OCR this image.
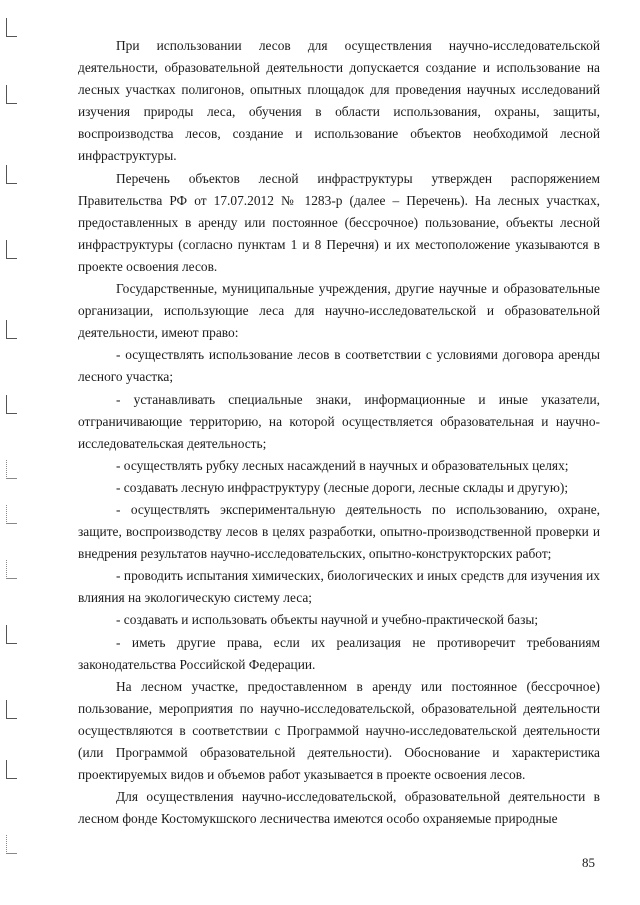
При использовании лесов для осуществления научно-исследовательской деятельности, образовательной деятельности допускается создание и использование на лесных участках полигонов, опытных площадок для проведения научных исследований изучения природы леса, обучения в области использования, охраны, защиты, воспроизводства лесов, создание и использование объектов необходимой лесной инфраструктуры.

Перечень объектов лесной инфраструктуры утвержден распоряжением Правительства РФ от 17.07.2012 № 1283-р (далее – Перечень). На лесных участках, предоставленных в аренду или постоянное (бессрочное) пользование, объекты лесной инфраструктуры (согласно пунктам 1 и 8 Перечня) и их местоположение указываются в проекте освоения лесов.

Государственные, муниципальные учреждения, другие научные и образовательные организации, использующие леса для научно-исследовательской и образовательной деятельности, имеют право:

- осуществлять использование лесов в соответствии с условиями договора аренды лесного участка;

- устанавливать специальные знаки, информационные и иные указатели, отграничивающие территорию, на которой осуществляется образовательная и научно-исследовательская деятельность;

- осуществлять рубку лесных насаждений в научных и образовательных целях;

- создавать лесную инфраструктуру (лесные дороги, лесные склады и другую);

- осуществлять экспериментальную деятельность по использованию, охране, защите, воспроизводству лесов в целях разработки, опытно-производственной проверки и внедрения результатов научно-исследовательских, опытно-конструкторских работ;

- проводить испытания химических, биологических и иных средств для изучения их влияния на экологическую систему леса;

- создавать и использовать объекты научной и учебно-практической базы;

- иметь другие права, если их реализация не противоречит требованиям законодательства Российской Федерации.

На лесном участке, предоставленном в аренду или постоянное (бессрочное) пользование, мероприятия по научно-исследовательской, образовательной деятельности осуществляются в соответствии с Программой научно-исследовательской деятельности (или Программой образовательной деятельности). Обоснование и характеристика проектируемых видов и объемов работ указывается в проекте освоения лесов.

Для осуществления научно-исследовательской, образовательной деятельности в лесном фонде Костомукшского лесничества имеются особо охраняемые природные

85
